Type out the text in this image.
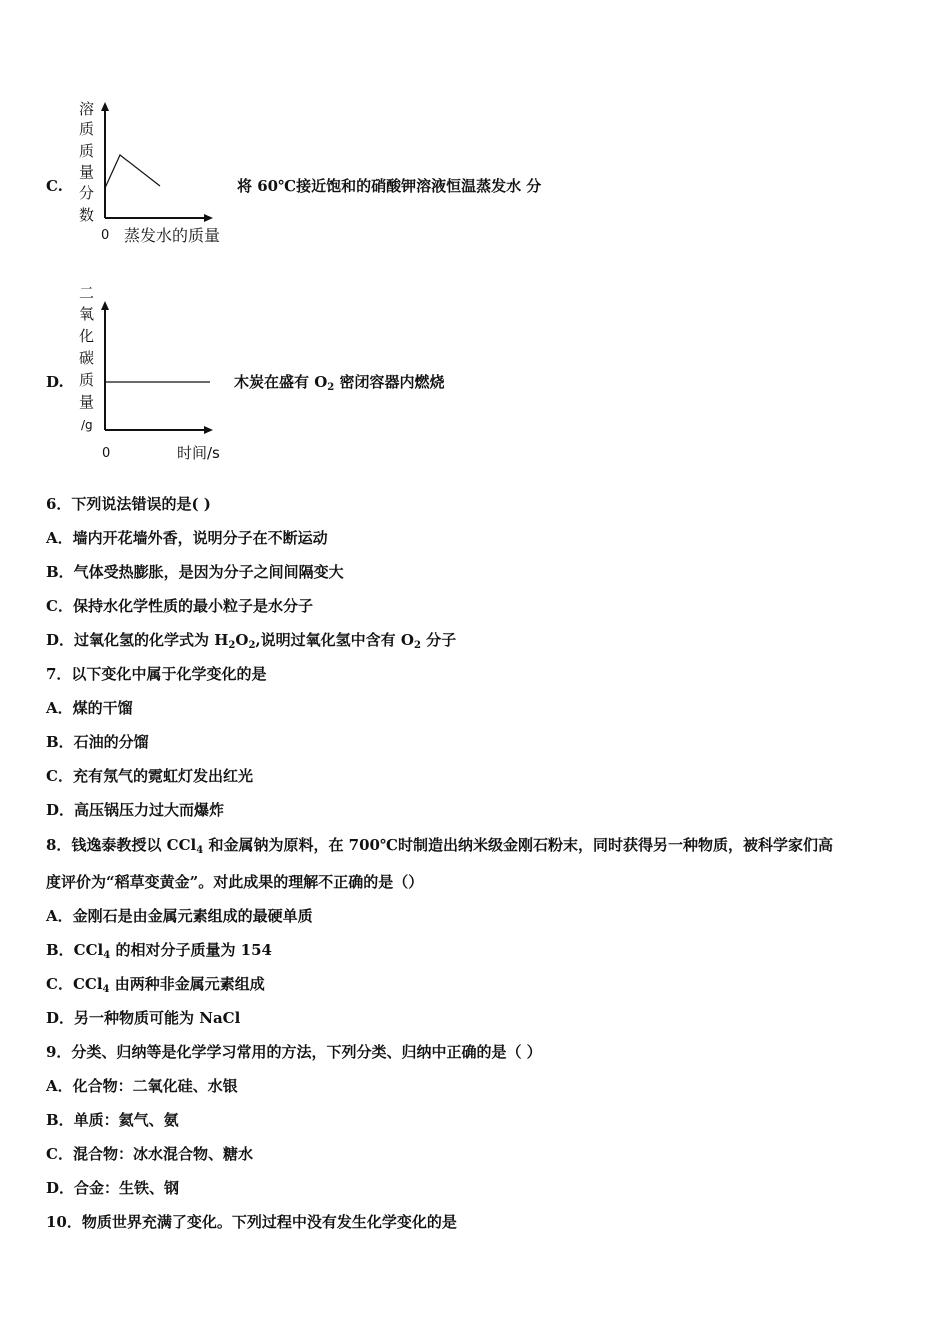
C.
溶
质
质
量
分
数
0 蒸发水的质量
将 60℃接近饱和的硝酸钾溶液恒温蒸发水 分
D.
二
氧
化
碳
质
量
/g
0	时间/s
木炭在盛有 $O_2$ 密闭容器内燃烧
6．下列说法错误的是( )
A．墙内开花墙外香，说明分子在不断运动
B．气体受热膨胀，是因为分子之间间隔变大
C．保持水化学性质的最小粒子是水分子
D．过氧化氢的化学式为 $H_2O_2$,说明过氧化氢中含有 $O_2$ 分子
7．以下变化中属于化学变化的是
A．煤的干馏
B．石油的分馏
C．充有氖气的霓虹灯发出红光
D．高压锅压力过大而爆炸
8．钱逸泰教授以 CCl$_4$ 和金属钠为原料，在 700℃时制造出纳米级金刚石粉末，同时获得另一种物质，被科学家们高
度评价为“稻草变黄金”。对此成果的理解不正确的是（）
A．金刚石是由金属元素组成的最硬单质
B．CCl$_4$ 的相对分子质量为 154
C．CCl$_4$ 由两种非金属元素组成
D．另一种物质可能为 NaCl
9．分类、归纳等是化学学习常用的方法，下列分类、归纳中正确的是（ ）
A．化合物：二氧化硅、水银
B．单质：氦气、氨
C．混合物：冰水混合物、糖水
D．合金：生铁、钢
10．物质世界充满了变化。下列过程中没有发生化学变化的是
